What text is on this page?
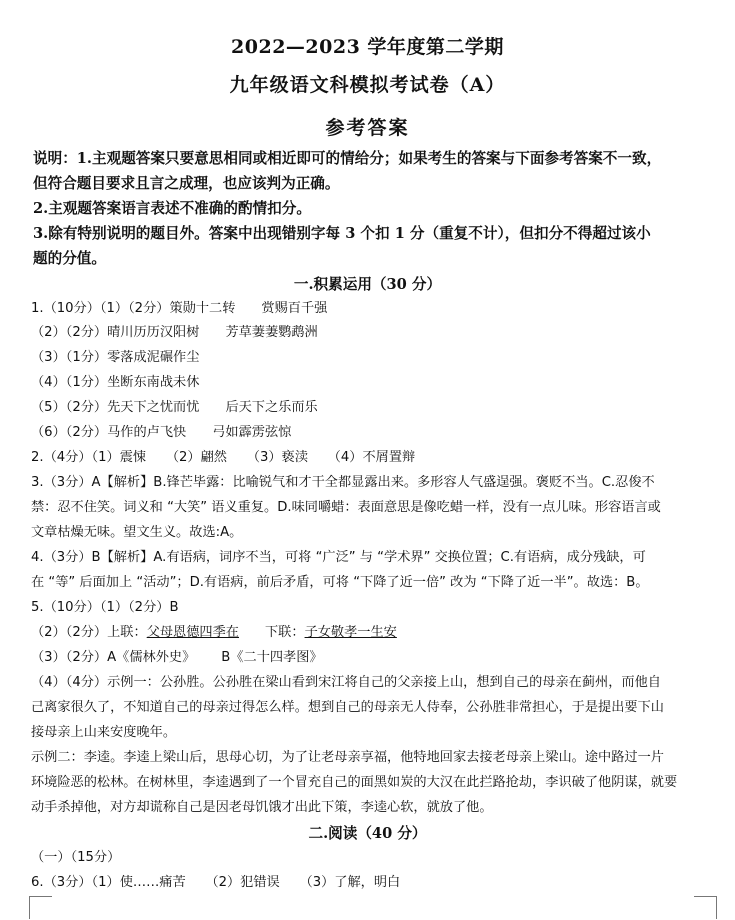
2022—2023 学年度第二学期
九年级语文科模拟考试卷（A）
参考答案
说明：1.主观题答案只要意思相同或相近即可的情给分；如果考生的答案与下面参考答案不一致，
但符合题目要求且言之成理，也应该判为正确。
2.主观题答案语言表述不准确的酌情扣分。
3.除有特别说明的题目外。答案中出现错别字每 3 个扣 1 分（重复不计），但扣分不得超过该小
题的分值。
一.积累运用（30 分）
1.（10分）（1）（2分）策勋十二转 赏赐百千强
（2）（2分）晴川历历汉阳树 芳草萋萋鹦鹉洲
（3）（1分）零落成泥碾作尘
（4）（1分）坐断东南战未休
（5）（2分）先天下之忧而忧 后天下之乐而乐
（6）（2分）马作的卢飞快 弓如霹雳弦惊
2.（4分）（1）震悚　　（2）翩然　　（3）亵渎　　（4）不屑置辩
3.（3分）A【解析】B.锋芒毕露：比喻锐气和才干全都显露出来。多形容人气盛逞强。褒贬不当。C.忍俊不
禁：忍不住笑。词义和 “大笑” 语义重复。D.味同嚼蜡：表面意思是像吃蜡一样，没有一点儿味。形容语言或
文章枯燥无味。望文生义。故选:A。
4.（3分）B【解析】A.有语病，词序不当，可将 “广泛” 与 “学术界” 交换位置；C.有语病，成分残缺，可
在 “等” 后面加上 “活动”；D.有语病，前后矛盾，可将 “下降了近一倍” 改为 “下降了近一半”。故选：B。
5.（10分）（1）（2分）B
（2）（2分）上联：父母恩德四季在 下联：子女敬孝一生安
（3）（2分）A《儒林外史》 B《二十四孝图》
（4）（4分）示例一：公孙胜。公孙胜在梁山看到宋江将自己的父亲接上山，想到自己的母亲在蓟州，而他自
己离家很久了，不知道自己的母亲过得怎么样。想到自己的母亲无人侍奉，公孙胜非常担心，于是提出要下山
接母亲上山来安度晚年。
示例二：李逵。李逵上梁山后，思母心切，为了让老母亲享福，他特地回家去接老母亲上梁山。途中路过一片
环境险恶的松林。在树林里，李逵遇到了一个冒充自己的面黑如炭的大汉在此拦路抢劫，李识破了他阴谋，就要
动手杀掉他，对方却谎称自己是因老母饥饿才出此下策，李逵心软，就放了他。
二.阅读（40 分）
（一）（15分）
6.（3分）（1）使……痛苦　　（2）犯错误　　（3）了解，明白
